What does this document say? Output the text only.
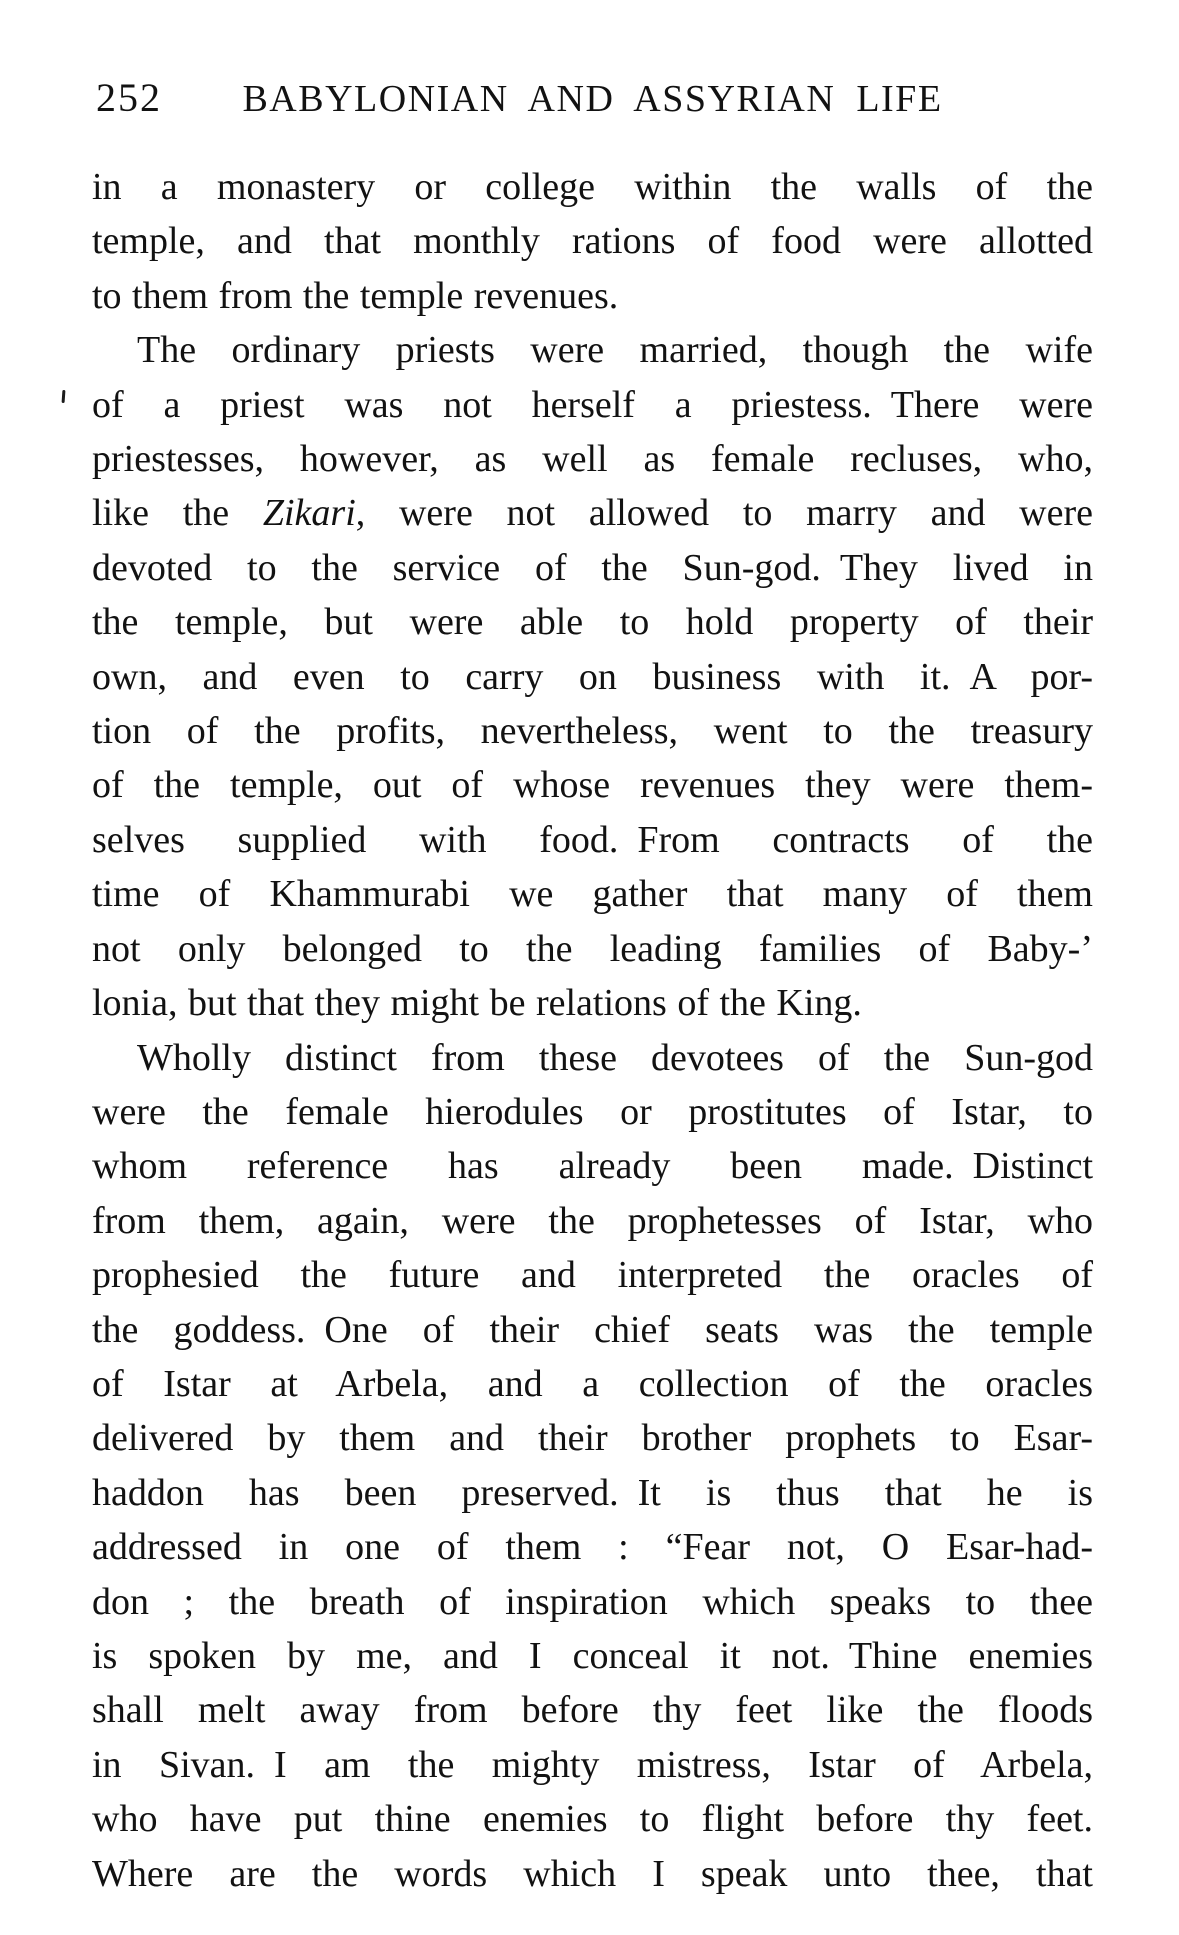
252	BABYLONIAN AND ASSYRIAN LIFE
in a monastery or college within the walls of the
temple, and that monthly rations of food were allotted
to them from the temple revenues.
The ordinary priests were married, though the wife
of a priest was not herself a priestess. There were
priestesses, however, as well as female recluses, who,
like the Zikari, were not allowed to marry and were
devoted to the service of the Sun-god. They lived in
the temple, but were able to hold property of their
own, and even to carry on business with it. A por-
tion of the profits, nevertheless, went to the treasury
of the temple, out of whose revenues they were them-
selves supplied with food. From contracts of the
time of Khammurabi we gather that many of them
not only belonged to the leading families of Baby-’
lonia, but that they might be relations of the King.
Wholly distinct from these devotees of the Sun-god
were the female hierodules or prostitutes of Istar, to
whom reference has already been made. Distinct
from them, again, were the prophetesses of Istar, who
prophesied the future and interpreted the oracles of
the goddess. One of their chief seats was the temple
of Istar at Arbela, and a collection of the oracles
delivered by them and their brother prophets to Esar-
haddon has been preserved. It is thus that he is
addressed in one of them : “Fear not, O Esar-had-
don ; the breath of inspiration which speaks to thee
is spoken by me, and I conceal it not. Thine enemies
shall melt away from before thy feet like the floods
in Sivan. I am the mighty mistress, Istar of Arbela,
who have put thine enemies to flight before thy feet.
Where are the words which I speak unto thee, that
